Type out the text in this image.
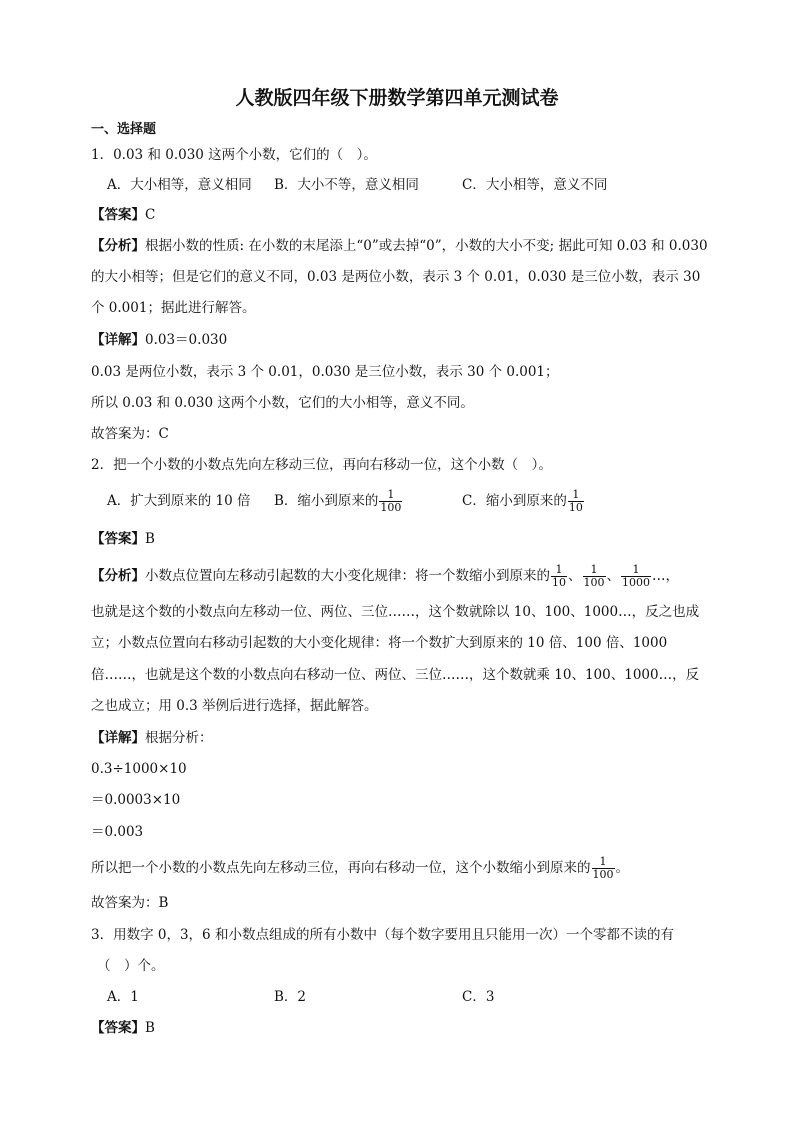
人教版四年级下册数学第四单元测试卷
一、选择题
1．0.03 和 0.030 这两个小数，它们的（　）。
A．大小相等，意义相同 B．大小不等，意义相同	C．大小相等，意义不同
【答案】C
【分析】根据小数的性质: 在小数的末尾添上“0”或去掉“0”，小数的大小不变; 据此可知 0.03 和 0.030
的大小相等；但是它们的意义不同，0.03 是两位小数，表示 3 个 0.01，0.030 是三位小数，表示 30
个 0.001；据此进行解答。
【详解】0.03＝0.030
0.03 是两位小数，表示 3 个 0.01，0.030 是三位小数，表示 30 个 0.001；
所以 0.03 和 0.030 这两个小数，它们的大小相等，意义不同。
故答案为：C
2．把一个小数的小数点先向左移动三位，再向右移动一位，这个小数（　）。
A．扩大到原来的 10 倍 B．缩小到原来的 $\frac{1}{100}$	C．缩小到原来的 $\frac{1}{10}$
【答案】B
【分析】小数点位置向左移动引起数的大小变化规律：将一个数缩小到原来的 $\frac{1}{10}$ 、 $\frac{1}{100}$ 、 $\frac{1}{1000}$ …，
也就是这个数的小数点向左移动一位、两位、三位……，这个数就除以 10、100、1000…，反之也成
立；小数点位置向右移动引起数的大小变化规律：将一个数扩大到原来的 10 倍、100 倍、1000
倍……，也就是这个数的小数点向右移动一位、两位、三位……，这个数就乘 10、100、1000…，反
之也成立；用 0.3 举例后进行选择，据此解答。
【详解】根据分析：
0.3÷1000×10
＝0.0003×10
＝0.003
所以把一个小数的小数点先向左移动三位，再向右移动一位，这个小数缩小到原来的 $\frac{1}{100}$ 。
故答案为：B
3．用数字 0，3，6 和小数点组成的所有小数中（每个数字要用且只能用一次）一个零都不读的有
（　）个。
A．1	B．2	C．3
【答案】B
